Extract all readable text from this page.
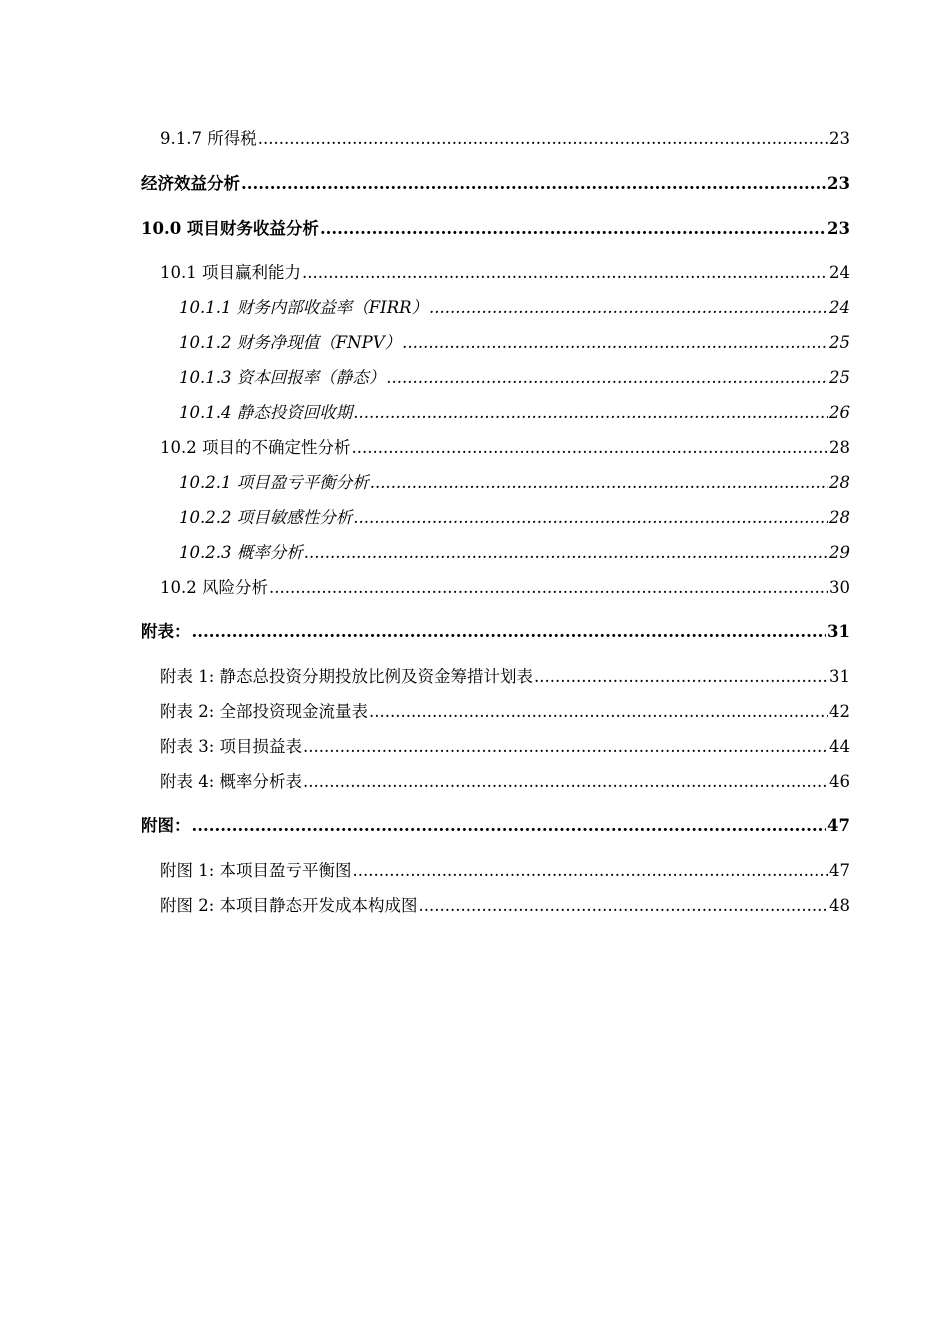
9.1.7 所得税 .....	23
经济效益分析 .....	23
10.0 项目财务收益分析 .....	23
10.1 项目赢利能力 .....	24
10.1.1 财务内部收益率（FIRR） .....	24
10.1.2 财务净现值（FNPV） .....	25
10.1.3 资本回报率（静态） .....	25
10.1.4 静态投资回收期 .....	26
10.2 项目的不确定性分析 .....	28
10.2.1 项目盈亏平衡分析 .....	28
10.2.2 项目敏感性分析 .....	28
10.2.3 概率分析 .....	29
10.2 风险分析 .....	30
附表： .....	31
附表 1: 静态总投资分期投放比例及资金筹措计划表 .....	31
附表 2: 全部投资现金流量表 .....	42
附表 3: 项目损益表 .....	44
附表 4: 概率分析表 .....	46
附图： .....	47
附图 1: 本项目盈亏平衡图 .....	47
附图 2: 本项目静态开发成本构成图 .....	48
